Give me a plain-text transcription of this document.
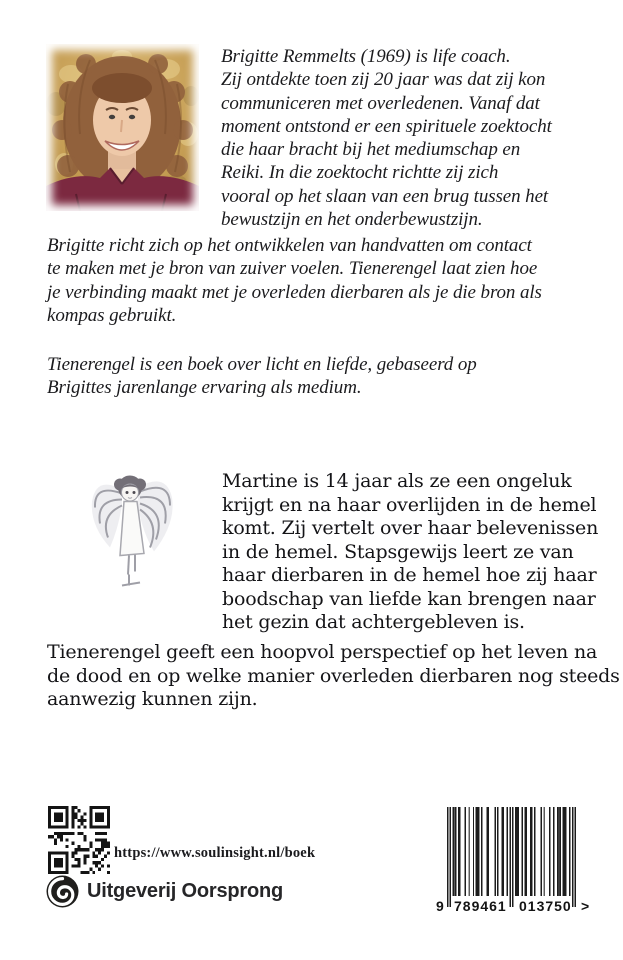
Brigitte Remmelts (1969) is life coach.
Zij ontdekte toen zij 20 jaar was dat zij kon
communiceren met overledenen. Vanaf dat
moment ontstond er een spirituele zoektocht
die haar bracht bij het mediumschap en
Reiki. In die zoektocht richtte zij zich
vooral op het slaan van een brug tussen het
bewustzijn en het onderbewustzijn.
Brigitte richt zich op het ontwikkelen van handvatten om contact
te maken met je bron van zuiver voelen. Tienerengel laat zien hoe
je verbinding maakt met je overleden dierbaren als je die bron als
kompas gebruikt.
Tienerengel is een boek over licht en liefde, gebaseerd op
Brigittes jarenlange ervaring als medium.
Martine is 14 jaar als ze een ongeluk
krijgt en na haar overlijden in de hemel
komt. Zij vertelt over haar belevenissen
in de hemel. Stapsgewijs leert ze van
haar dierbaren in de hemel hoe zij haar
boodschap van liefde kan brengen naar
het gezin dat achtergebleven is.
Tienerengel geeft een hoopvol perspectief op het leven na
de dood en op welke manier overleden dierbaren nog steeds
aanwezig kunnen zijn.
https://www.soulinsight.nl/boek
Uitgeverij Oorsprong
9 789461 013750 >
